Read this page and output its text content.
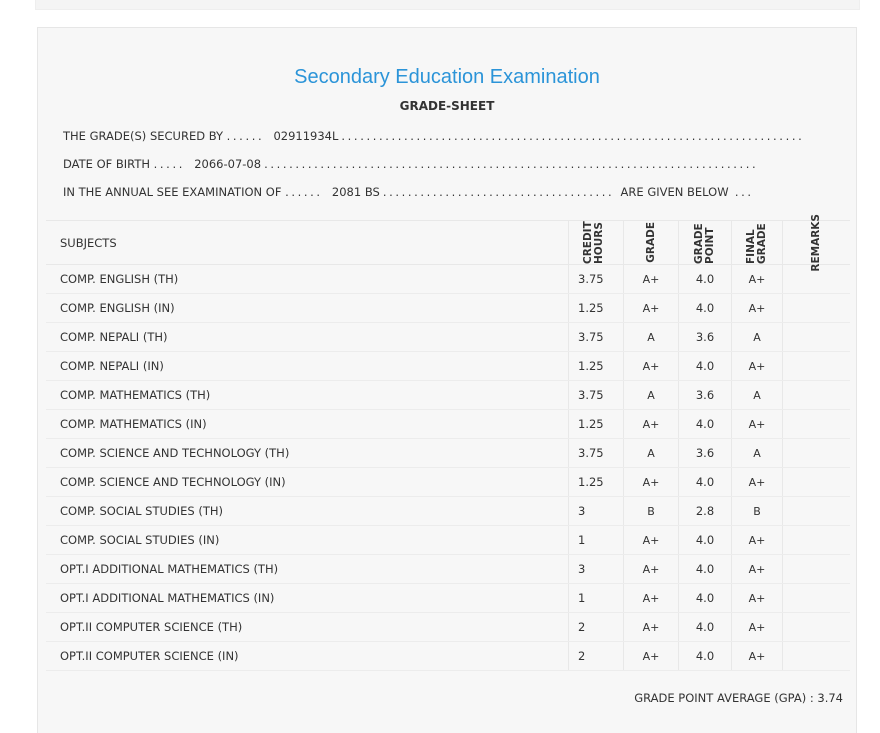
Secondary Education Examination
GRADE-SHEET
THE GRADE(S) SECURED BY ...... 02911934L ..........................................................................
DATE OF BIRTH ..... 2066-07-08 ...............................................................................
IN THE ANNUAL SEE EXAMINATION OF ...... 2081 BS ..................................... ARE GIVEN BELOW ...
SUBJECTS	CREDIT HOURS	GRADE	GRADE POINT	FINAL GRADE	REMARKS
COMP. ENGLISH (TH)	3.75	A+	4.0	A+
COMP. ENGLISH (IN)	1.25	A+	4.0	A+
COMP. NEPALI (TH)	3.75	A	3.6	A
COMP. NEPALI (IN)	1.25	A+	4.0	A+
COMP. MATHEMATICS (TH)	3.75	A	3.6	A
COMP. MATHEMATICS (IN)	1.25	A+	4.0	A+
COMP. SCIENCE AND TECHNOLOGY (TH)	3.75	A	3.6	A
COMP. SCIENCE AND TECHNOLOGY (IN)	1.25	A+	4.0	A+
COMP. SOCIAL STUDIES (TH)	3	B	2.8	B
COMP. SOCIAL STUDIES (IN)	1	A+	4.0	A+
OPT.I ADDITIONAL MATHEMATICS (TH)	3	A+	4.0	A+
OPT.I ADDITIONAL MATHEMATICS (IN)	1	A+	4.0	A+
OPT.II COMPUTER SCIENCE (TH)	2	A+	4.0	A+
OPT.II COMPUTER SCIENCE (IN)	2	A+	4.0	A+
GRADE POINT AVERAGE (GPA) : 3.74
